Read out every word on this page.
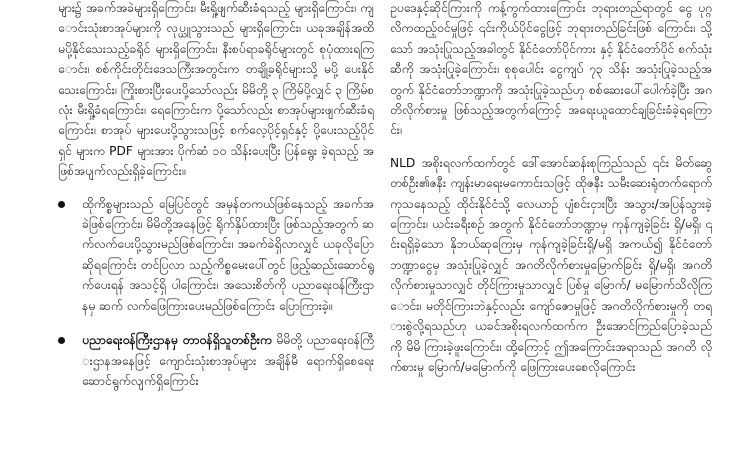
များ၌ အခက်အခဲများရှိကြောင်း၊ မီးရှို့ဖျက်ဆီးခံရသည့် များရှိကြောင်း၊ ကျောင်းသုံးစာအုပ်များကို လုပ္ယူသွားသည် များရှိကြောင်း၊ ယခုအချိန်အထိ မပို့နိုင်သေးသည့်ခရိုင် များရှိကြောင်း၊ နီးစပ်ရာခရိုင်များတွင် စုပုံထားရကြောင်း၊ စစ်ကိုင်းတိုင်းဒေသကြီးအတွင်းက တချို့ခရိုင်များသို့ မပို့ ပေးနိုင်သေးကြောင်း၊ ကြိုးစားပြီးပေးပို့သော်လည်း မိမိတို့ ၃ ကြိမ်ပို့လျှင် ၃ ကြိမ်စလုံး မီးရှို့ခံရကြောင်း၊ ရေကြောင်းက ပို့သော်လည်း စာအုပ်များဖျက်ဆီးခံရကြောင်း၊ စာအုပ် များပေးပို့သွားသဖြင့် စက်လေ့ပိုင့်ရှင်နှင့် ပို့ပေးသည့်ပိုင်ရှင် များက PDF များအား ပိုက်ဆံ ၁၀ သိန်းပေးပြီး ပြန်ရွေး ခဲ့ရသည့် အဖြစ်အပျက်လည်းရှိခဲ့ကြောင်း။

ထိုကိစ္စများသည် မြေပြင်တွင် အမှန်တကယ်ဖြစ်နေသည့် အခက်အခဲဖြစ်ကြောင်း၊ မိမိတို့အနေဖြင့် ရိုက်နှိပ်ထားပြီး ဖြစ်သည့်အတွက် ဆက်လက်ပေးပို့သွားမည်ဖြစ်ကြောင်း၊ အခက်ခဲရှိလာလျှင် ယခုလိုပြောဆိုရကြောင်း တင်ပြလာ သည့်ကိစ္စမေးပေါ်တွင် ဖြည့်ဆည်းဆောင်ရွက်ပေးရန် အသင့်ရှိ ပါကြောင်း၊ အသေးစိတ်ကို ပညာရေးဝန်ကြီးဌာနမှ ဆက် လက်ဖြေကြားပေးမည်ဖြစ်ကြောင်း ပြောကြားခဲ့။
ပညာရေးဝန်ကြီးဌာနမှ တာဝန်ရှိသူတစ်ဦးက မိမိတို့ ပညာရေးဝန်ကြီးဌာနအနေဖြင့် ကျောင်းသုံးစာအုပ်များ အချိန်မီ ရောက်ရှိစေရေး ဆောင်ရွက်လျက်ရှိကြောင်း

ဥပဒေနှင့်ဆိုင်ကြားကို ကန့်ကွက်ထားကြောင်း ဘုရားတည်ရာတွင် ငွေ ပုဂ္ဂလိကထည့်ဝင်မှုဖြင့် ၎င်းကိုယ်ပိုင်ငွေဖြင့် ဘုရားတည်ခြင်းဖြစ် ကြောင်း၊ သို့သော် အသုံးပြုသည့်အခါတွင် နိုင်ငံတော်ပိုင်ကား နှင့် နိုင်ငံတော်ပိုင် စက်သုံးဆီကို အသုံးပြုခဲ့ကြောင်း၊ စုစုပေါင်း ငွေကျပ် ၇၃ သိန်း အသုံးပြုခဲ့သည့်အတွက် နိုင်ငံတော်ဘဏ္ဍာကို အသုံးပြုခဲ့သည်ဟု စစ်ဆေးပေါ်ပေါက်ခဲ့ပြီး အဂတိလိုက်စားမှု ဖြစ်သည့်အတွက်ကြောင့် အရေးယူထောင်ချခြင်းခံခဲ့ရကြောင်း၊

NLD အစိုးရလက်ထက်တွင် ဒေါ်အောင်ဆန်းစုကြည်သည် ၎င်း မိတ်ဆွေတစ်ဦး၏ဇနီး ကျန်းမာရေးမကောင်းသဖြင့် ထိုဇနီး သမီးဆေးရုံတက်ရောက်ကုသနေသည့် ထိုင်းနိုင်ငံသို့ လေယာဉ် ပျံစင်းငှားပြီး အသွား/အပြန်သွားခဲ့ကြောင်း၊ ယင်းခရီးစဉ် အတွက် နိုင်ငံတော်ဘဏ္ဍာမှ ကုန်ကျခဲ့ခြင်း ရှိ/မရှိ၊ ၎င်းရရှိခဲ့သော နိုဘယ်ဆုကြေးမှ ကုန်ကျခဲ့ခြင်းရှိ/မရှိ အကယ်၍ နိုင်ငံတော် ဘဏ္ဍာငွေမှ အသုံးပြုခဲ့လျှင် အဂတိလိုက်စားမှုမြောက်ခြင်း ရှိ/မရှိ၊ အဂတိလိုက်စားမှုသာလျှင် တိုင်ကြားမှုသာလျှင် ပြစ်မှု မြောက်/ မမြောက်သိလိုကြောင်း၊ မတိုင်ကြားဘဲနှင့်လည်း ကျော်ဇောမှုဖြင့် အဂတိလိုက်စားမှုကို တရားစွဲလို့ရသည်ဟု ယခင်အစိုးရလက်ထက်က ဦးအောင်ကြည်ပြောခဲ့သည်ကို မိမိ ကြားခဲ့ဖူးကြောင်း၊ ထို့ကြောင့် ဤအကြောင်းအရာသည် အဂတိ လိုက်စားမှု မြောက်/မမြောက်ကို ဖြေကြားပေးစေလိုကြောင်း
